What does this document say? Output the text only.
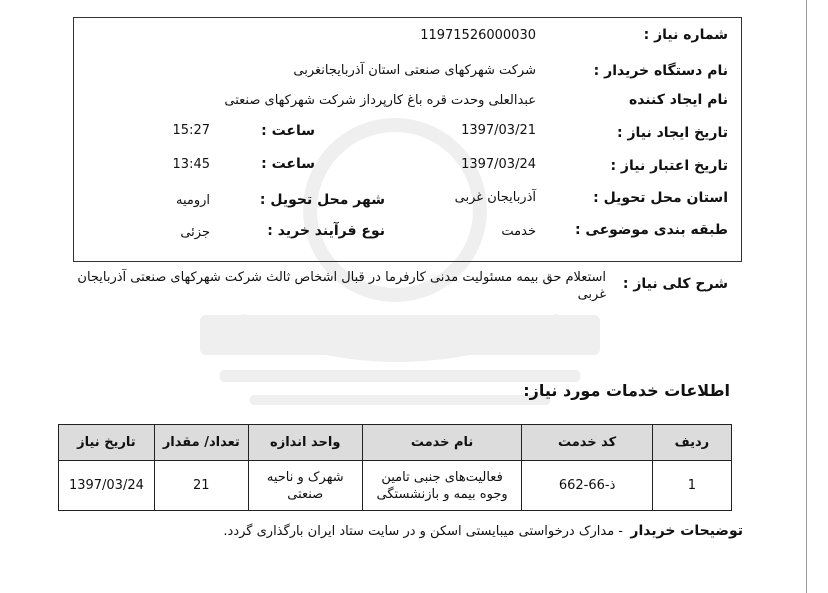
شماره نیاز :
11971526000030
نام دستگاه خریدار :
شرکت شهرکهای صنعتی استان آذربایجانغربی
نام ایجاد کننده
عبدالعلی وحدت قره باغ کارپرداز شرکت شهرکهای صنعتی
تاریخ ایجاد نیاز :
1397/03/21
ساعت :
15:27
تاریخ اعتبار نیاز :
1397/03/24
ساعت :
13:45
استان محل تحویل :
آذربایجان غربی
شهر محل تحویل :
ارومیه
طبقه بندی موضوعی :
خدمت
نوع فرآیند خرید :
جزئی
شرح کلی نیاز :
استعلام حق بیمه مسئولیت مدنی کارفرما در قبال اشخاص ثالث شرکت شهرکهای صنعتی آذربایجان غربی
اطلاعات خدمات مورد نیاز:
ردیف	کد خدمت	نام خدمت	واحد اندازه	تعداد/ مقدار	تاریخ نیاز
1	ذ-66-662	فعالیت‌های جنبی تامین وجوه بیمه و بازنشستگی	شهرک و ناحیه صنعتی	21	1397/03/24
توضیحات خریدار
- مدارک درخواستی میبایستی اسکن و در سایت ستاد ایران بارگذاری گردد.
